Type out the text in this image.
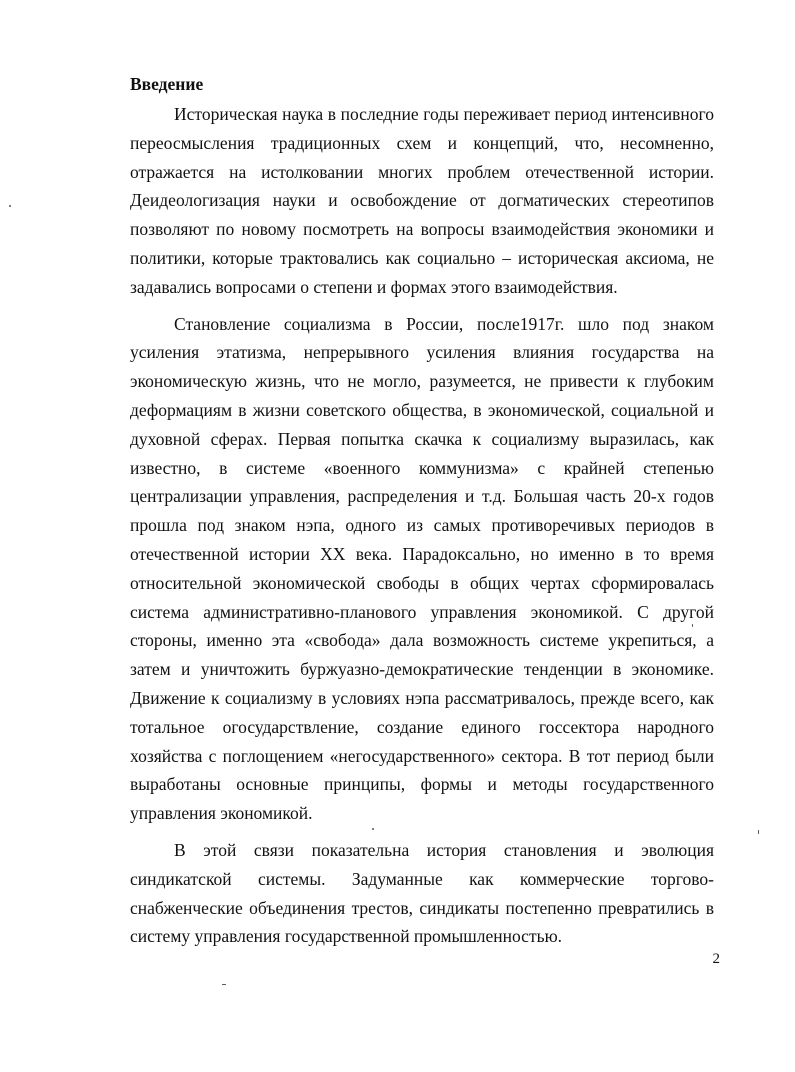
Введение

Историческая наука в последние годы переживает период интенсивного переосмысления традиционных схем и концепций, что, несомненно, отражается на истолковании многих проблем отечественной истории. Деидеологизация науки и освобождение от догматических стереотипов позволяют по новому посмотреть на вопросы взаимодействия экономики и политики, которые трактовались как социально – историческая аксиома, не задавались вопросами о степени и формах этого взаимодействия.

Становление социализма в России, после1917г. шло под знаком усиления этатизма, непрерывного усиления влияния государства на экономическую жизнь, что не могло, разумеется, не привести к глубоким деформациям в жизни советского общества, в экономической, социальной и духовной сферах. Первая попытка скачка к социализму выразилась, как известно, в системе «военного коммунизма» с крайней степенью централизации управления, распределения и т.д. Большая часть 20-х годов прошла под знаком нэпа, одного из самых противоречивых периодов в отечественной истории XX века. Парадоксально, но именно в то время относительной экономической свободы в общих чертах сформировалась система административно-планового управления экономикой. С другой стороны, именно эта «свобода» дала возможность системе укрепиться, а затем и уничтожить буржуазно-демократические тенденции в экономике. Движение к социализму в условиях нэпа рассматривалось, прежде всего, как тотальное огосударствление, создание единого госсектора народного хозяйства с поглощением «негосударственного» сектора. В тот период были выработаны основные принципы, формы и методы государственного управления экономикой.

В этой связи показательна история становления и эволюция синдикатской системы. Задуманные как коммерческие торгово-снабженческие объединения трестов, синдикаты постепенно превратились в систему управления государственной промышленностью.

2
